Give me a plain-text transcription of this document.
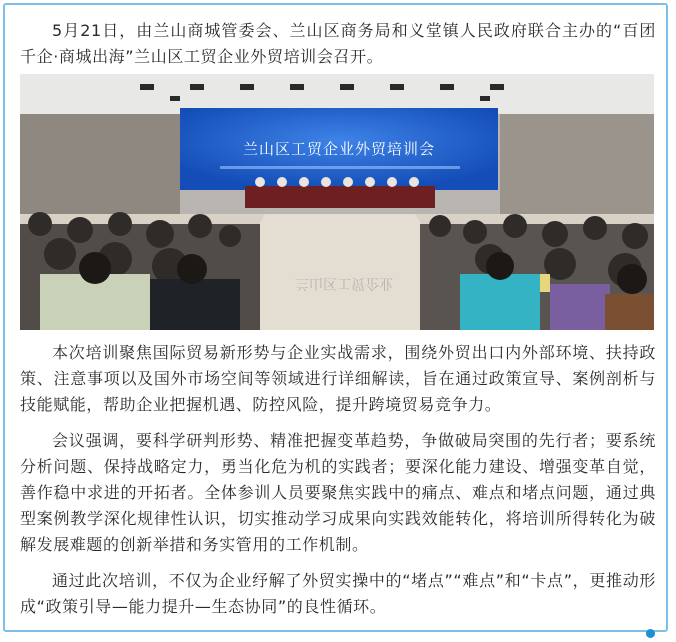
5月21日，由兰山商城管委会、兰山区商务局和义堂镇人民政府联合主办的“百团千企·商城出海”兰山区工贸企业外贸培训会召开。

兰山区工贸企业外贸培训会
兰山区工贸企业

本次培训聚焦国际贸易新形势与企业实战需求，围绕外贸出口内外部环境、扶持政策、注意事项以及国外市场空间等领域进行详细解读，旨在通过政策宣导、案例剖析与技能赋能，帮助企业把握机遇、防控风险，提升跨境贸易竞争力。

会议强调，要科学研判形势、精准把握变革趋势，争做破局突围的先行者；要系统分析问题、保持战略定力，勇当化危为机的实践者；要深化能力建设、增强变革自觉，善作稳中求进的开拓者。全体参训人员要聚焦实践中的痛点、难点和堵点问题，通过典型案例教学深化规律性认识，切实推动学习成果向实践效能转化，将培训所得转化为破解发展难题的创新举措和务实管用的工作机制。

通过此次培训，不仅为企业纾解了外贸实操中的“堵点”“难点”和“卡点”，更推动形成“政策引导—能力提升—生态协同”的良性循环。
